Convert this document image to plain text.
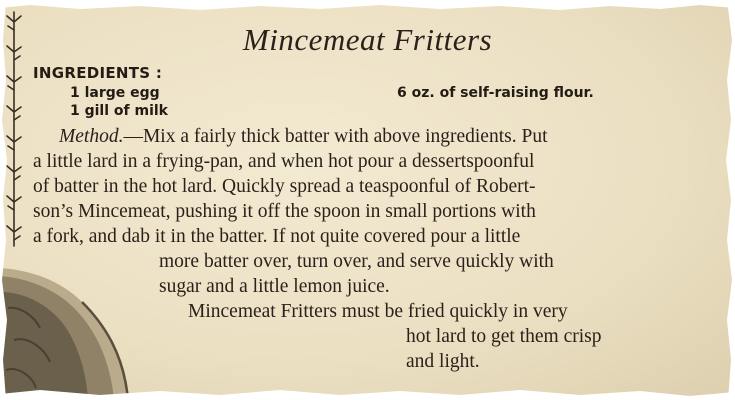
Mincemeat Fritters
INGREDIENTS :
1 large egg
1 gill of milk
6 oz. of self-raising flour.
Method.—Mix a fairly thick batter with above ingredients. Put
a little lard in a frying-pan, and when hot pour a dessertspoonful
of batter in the hot lard. Quickly spread a teaspoonful of Robert-
son’s Mincemeat, pushing it off the spoon in small portions with
a fork, and dab it in the batter. If not quite covered pour a little
more batter over, turn over, and serve quickly with
sugar and a little lemon juice.
Mincemeat Fritters must be fried quickly in very
hot lard to get them crisp
and light.
